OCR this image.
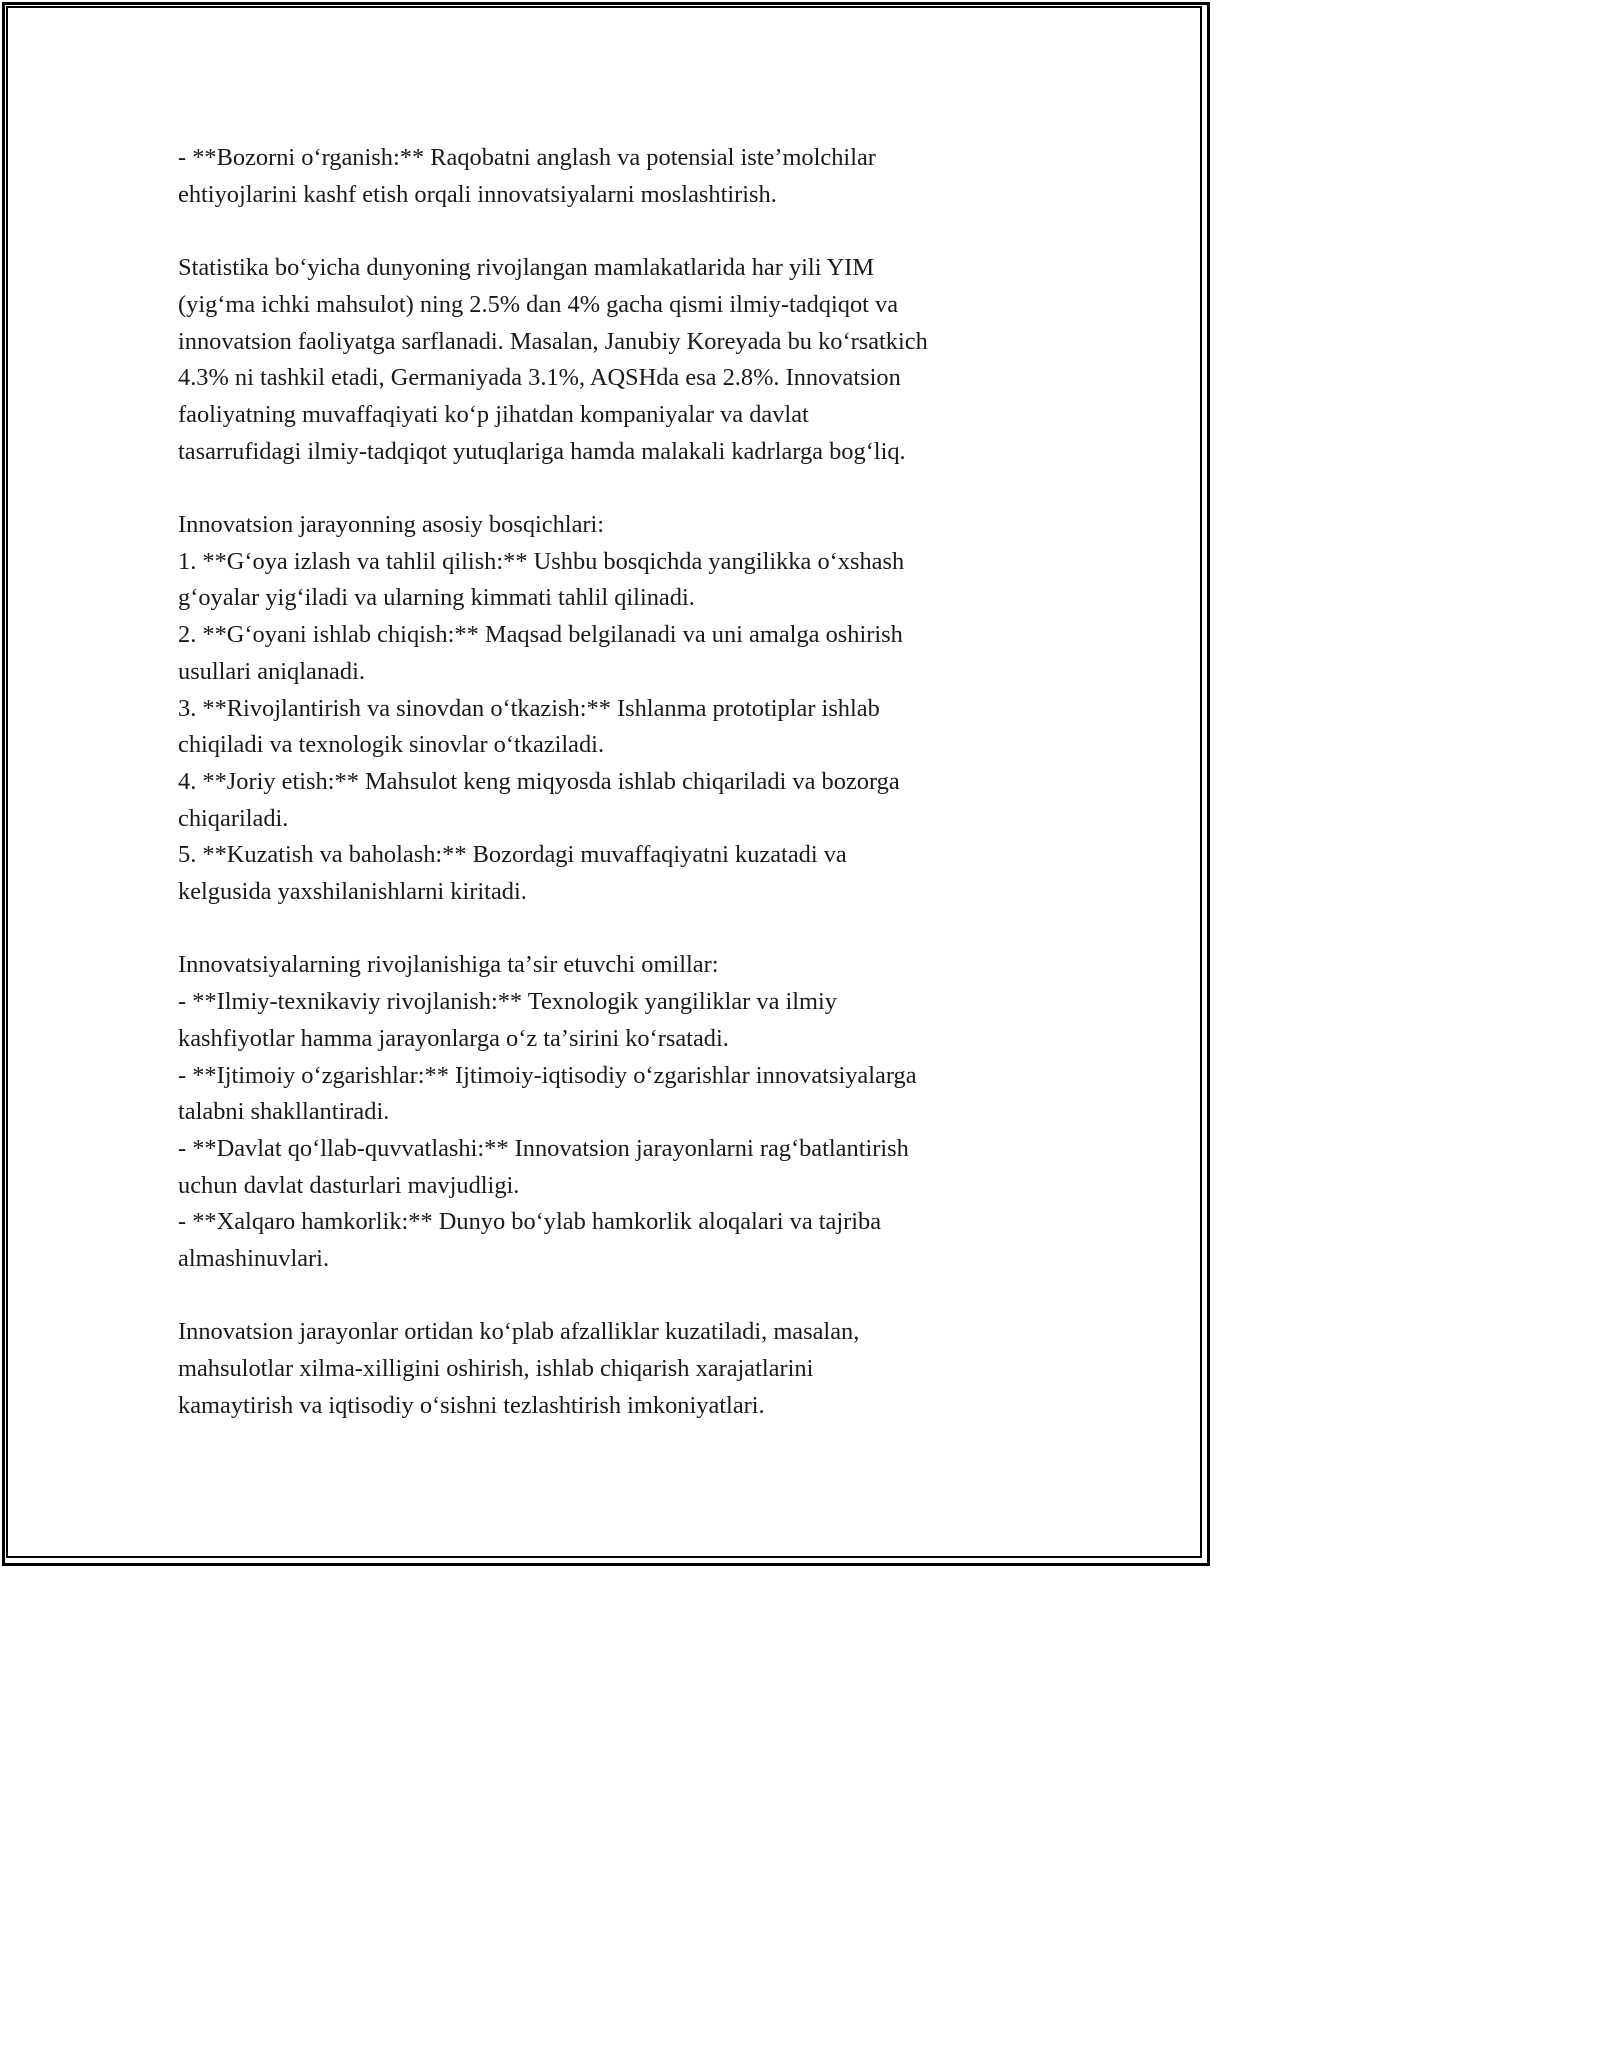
- **Bozorni oʻrganish:** Raqobatni anglash va potensial isteʼmolchilar
ehtiyojlarini kashf etish orqali innovatsiyalarni moslashtirish.
Statistika boʻyicha dunyoning rivojlangan mamlakatlarida har yili YIM
(yigʻma ichki mahsulot) ning 2.5% dan 4% gacha qismi ilmiy-tadqiqot va
innovatsion faoliyatga sarflanadi. Masalan, Janubiy Koreyada bu koʻrsatkich
4.3% ni tashkil etadi, Germaniyada 3.1%, AQSHda esa 2.8%. Innovatsion
faoliyatning muvaffaqiyati koʻp jihatdan kompaniyalar va davlat
tasarrufidagi ilmiy-tadqiqot yutuqlariga hamda malakali kadrlarga bogʻliq.
Innovatsion jarayonning asosiy bosqichlari:
1. **Gʻoya izlash va tahlil qilish:** Ushbu bosqichda yangilikka oʻxshash
gʻoyalar yigʻiladi va ularning kimmati tahlil qilinadi.
2. **Gʻoyani ishlab chiqish:** Maqsad belgilanadi va uni amalga oshirish
usullari aniqlanadi.
3. **Rivojlantirish va sinovdan oʻtkazish:** Ishlanma prototiplar ishlab
chiqiladi va texnologik sinovlar oʻtkaziladi.
4. **Joriy etish:** Mahsulot keng miqyosda ishlab chiqariladi va bozorga
chiqariladi.
5. **Kuzatish va baholash:** Bozordagi muvaffaqiyatni kuzatadi va
kelgusida yaxshilanishlarni kiritadi.
Innovatsiyalarning rivojlanishiga taʼsir etuvchi omillar:
- **Ilmiy-texnikaviy rivojlanish:** Texnologik yangiliklar va ilmiy
kashfiyotlar hamma jarayonlarga oʻz taʼsirini koʻrsatadi.
- **Ijtimoiy oʻzgarishlar:** Ijtimoiy-iqtisodiy oʻzgarishlar innovatsiyalarga
talabni shakllantiradi.
- **Davlat qoʻllab-quvvatlashi:** Innovatsion jarayonlarni ragʻbatlantirish
uchun davlat dasturlari mavjudligi.
- **Xalqaro hamkorlik:** Dunyo boʻylab hamkorlik aloqalari va tajriba
almashinuvlari.
Innovatsion jarayonlar ortidan koʻplab afzalliklar kuzatiladi, masalan,
mahsulotlar xilma-xilligini oshirish, ishlab chiqarish xarajatlarini
kamaytirish va iqtisodiy oʻsishni tezlashtirish imkoniyatlari.
